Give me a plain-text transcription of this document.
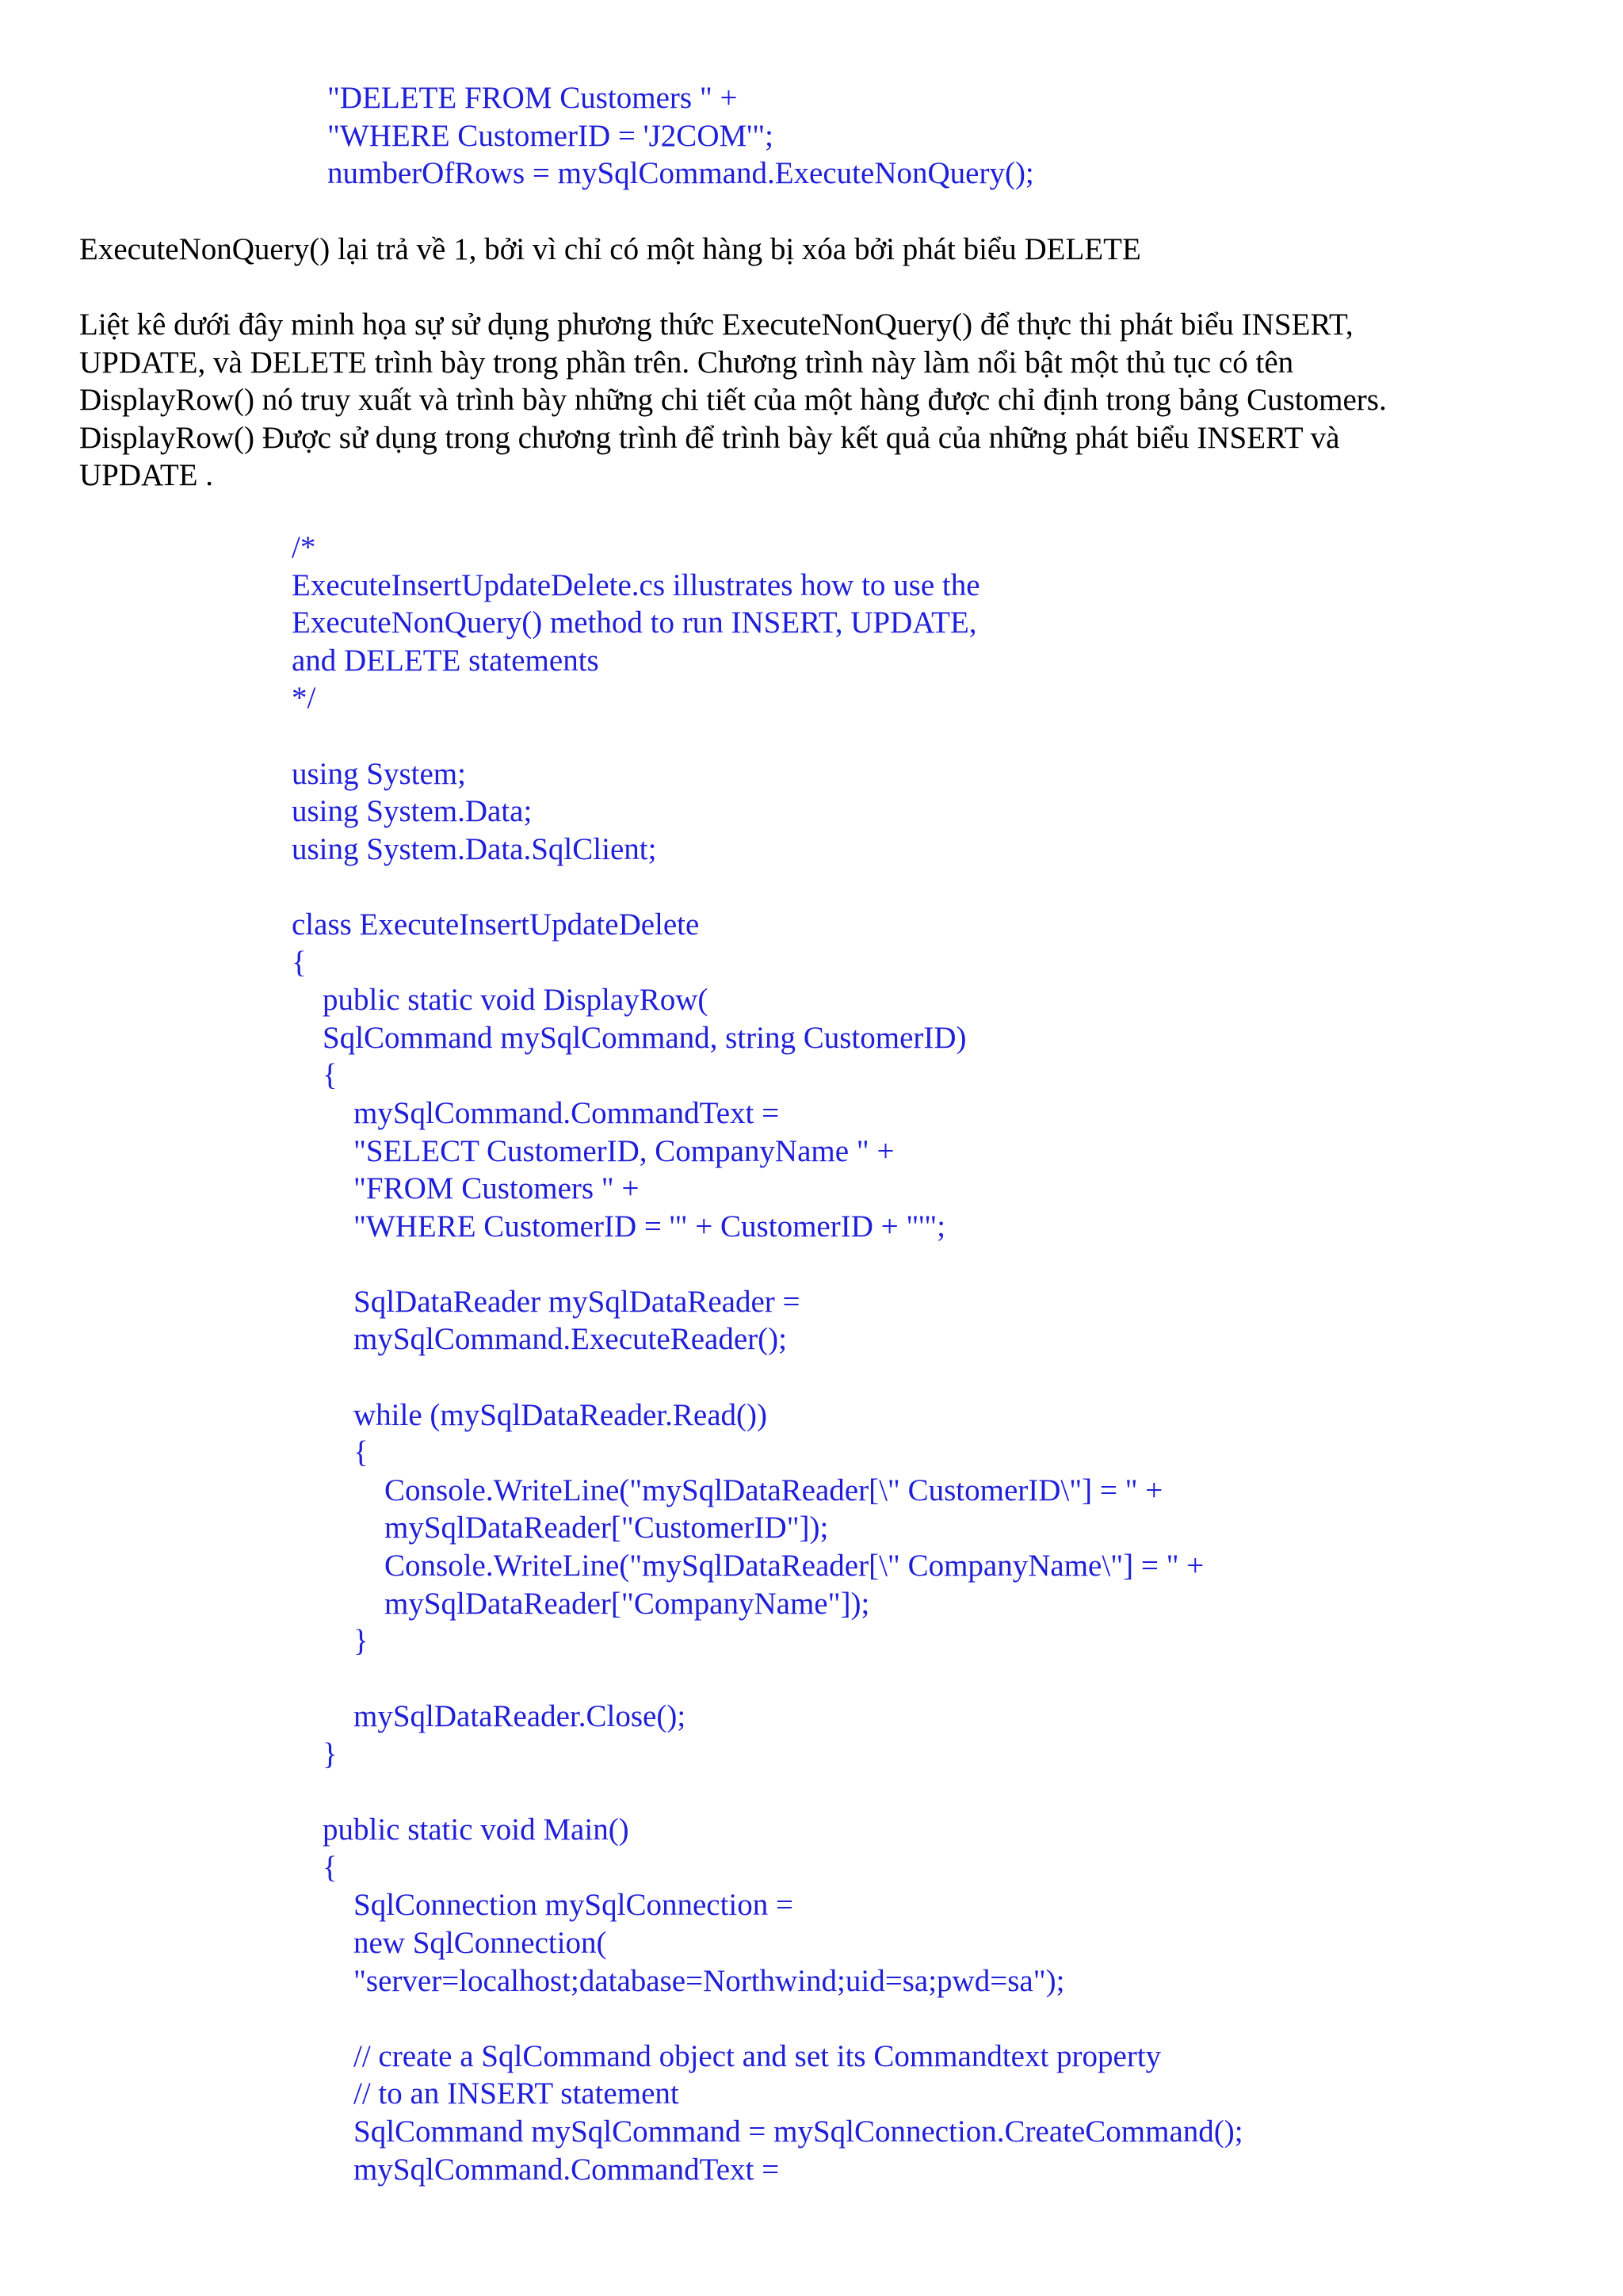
"DELETE FROM Customers " +
"WHERE CustomerID = 'J2COM'";
numberOfRows = mySqlCommand.ExecuteNonQuery();
ExecuteNonQuery() lại trả về 1, bởi vì chỉ có một hàng bị xóa bởi phát biểu DELETE
Liệt kê dưới đây minh họa sự sử dụng phương thức ExecuteNonQuery() để thực thi phát biểu INSERT,
UPDATE, và DELETE trình bày trong phần trên. Chương trình này làm nổi bật một thủ tục có tên
DisplayRow() nó truy xuất và trình bày những chi tiết của một hàng được chỉ định trong bảng Customers.
DisplayRow() Được sử dụng trong chương trình để trình bày kết quả của những phát biểu INSERT và
UPDATE .
/*
ExecuteInsertUpdateDelete.cs illustrates how to use the
ExecuteNonQuery() method to run INSERT, UPDATE,
and DELETE statements
*/
using System;
using System.Data;
using System.Data.SqlClient;
class ExecuteInsertUpdateDelete
{
public static void DisplayRow(
SqlCommand mySqlCommand, string CustomerID)
{
mySqlCommand.CommandText =
"SELECT CustomerID, CompanyName " +
"FROM Customers " +
"WHERE CustomerID = '" + CustomerID + "'";
SqlDataReader mySqlDataReader =
mySqlCommand.ExecuteReader();
while (mySqlDataReader.Read())
{
Console.WriteLine("mySqlDataReader[\" CustomerID\"] = " +
mySqlDataReader["CustomerID"]);
Console.WriteLine("mySqlDataReader[\" CompanyName\"] = " +
mySqlDataReader["CompanyName"]);
}
mySqlDataReader.Close();
}
public static void Main()
{
SqlConnection mySqlConnection =
new SqlConnection(
"server=localhost;database=Northwind;uid=sa;pwd=sa");
// create a SqlCommand object and set its Commandtext property
// to an INSERT statement
SqlCommand mySqlCommand = mySqlConnection.CreateCommand();
mySqlCommand.CommandText =
